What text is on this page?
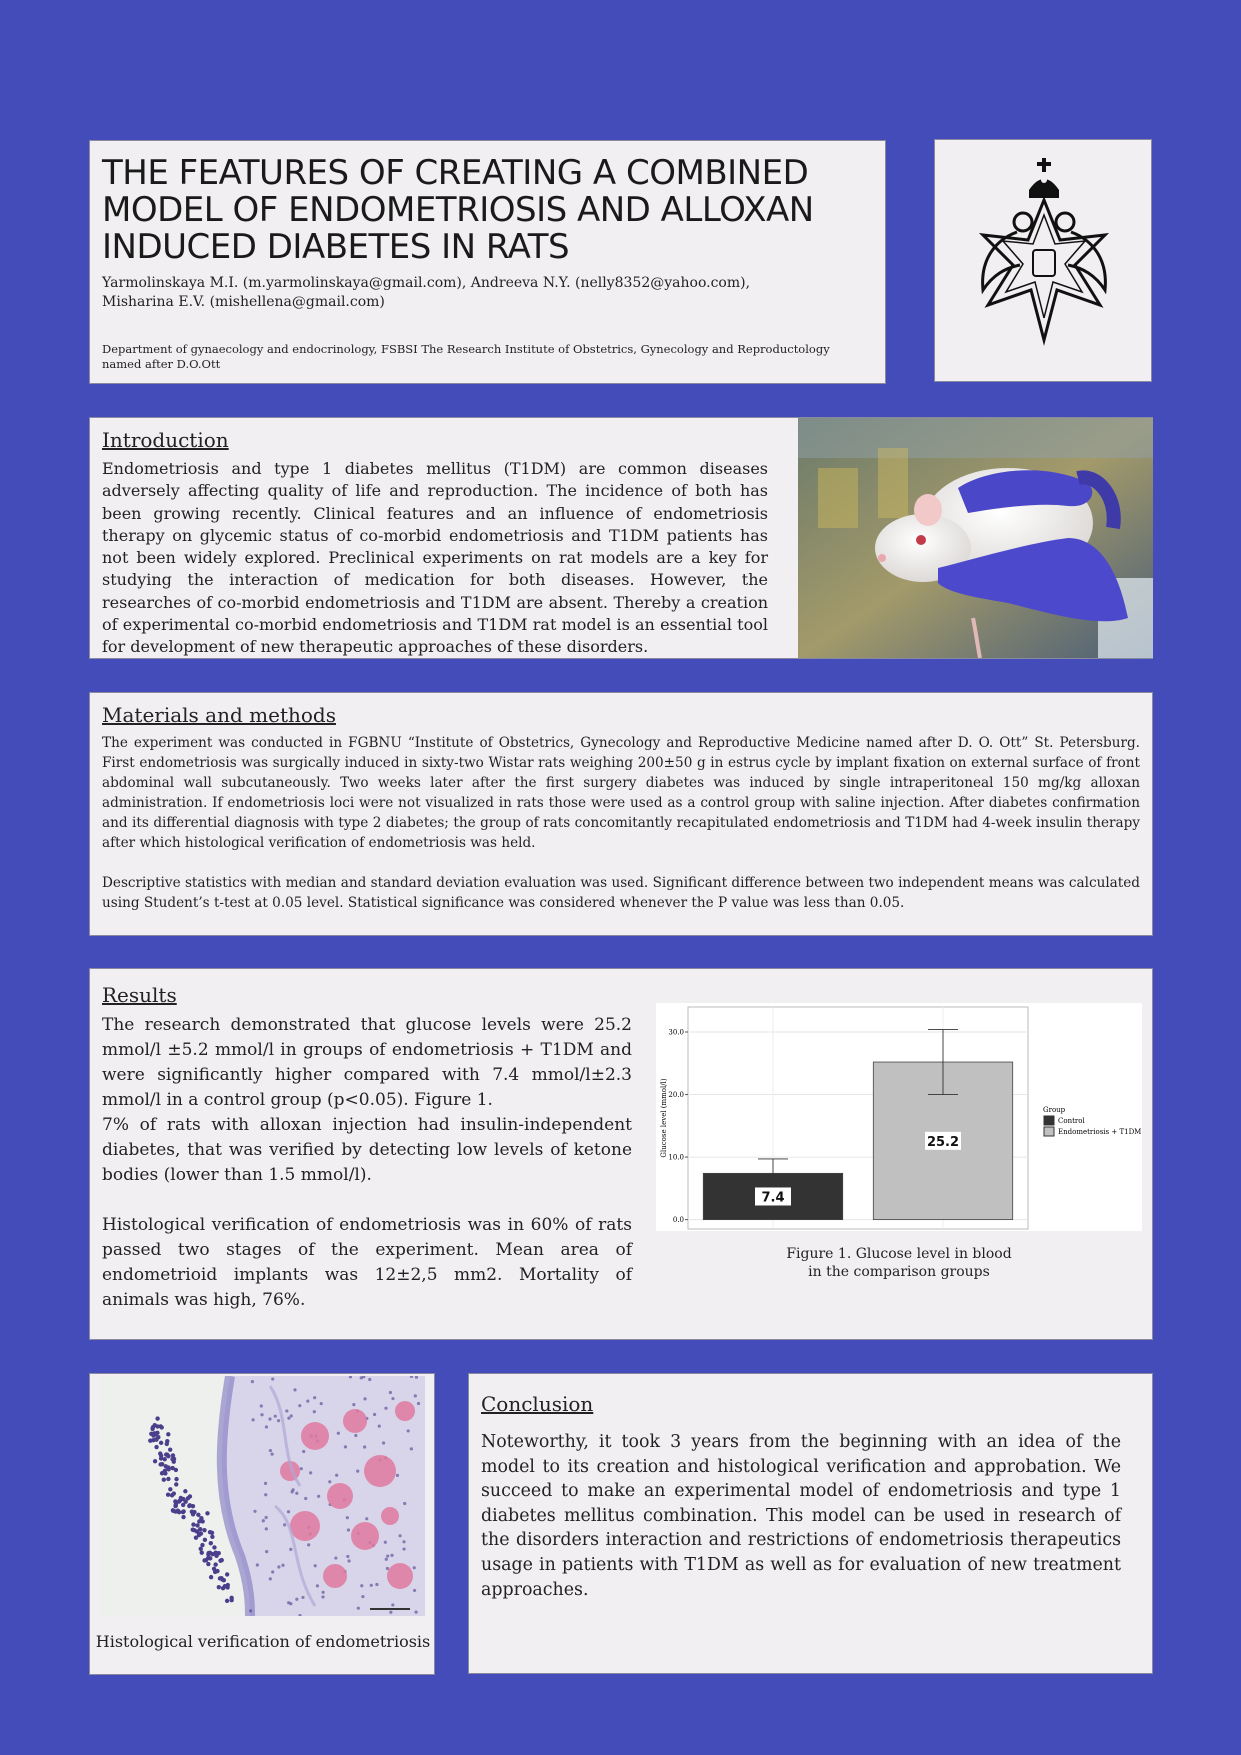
THE FEATURES OF CREATING A COMBINED MODEL OF ENDOMETRIOSIS AND ALLOXAN INDUCED DIABETES IN RATS
Yarmolinskaya M.I. (m.yarmolinskaya@gmail.com), Andreeva N.Y. (nelly8352@yahoo.com), Misharina E.V. (mishellena@gmail.com)
Department of gynaecology and endocrinology, FSBSI The Research Institute of Obstetrics, Gynecology and Reproductology named after D.O.Ott
Introduction
Endometriosis and type 1 diabetes mellitus (T1DM) are common diseases adversely affecting quality of life and reproduction. The incidence of both has been growing recently. Clinical features and an influence of endometriosis therapy on glycemic status of co-morbid endometriosis and T1DM patients has not been widely explored. Preclinical experiments on rat models are a key for studying the interaction of medication for both diseases. However, the researches of co-morbid endometriosis and T1DM are absent. Thereby a creation of experimental co-morbid endometriosis and T1DM rat model is an essential tool for development of new therapeutic approaches of these disorders.
Materials and methods

The experiment was conducted in FGBNU “Institute of Obstetrics, Gynecology and Reproductive Medicine named after D. O. Ott” St. Petersburg. First endometriosis was surgically induced in sixty-two Wistar rats weighing 200±50 g in estrus cycle by implant fixation on external surface of front abdominal wall subcutaneously. Two weeks later after the first surgery diabetes was induced by single intraperitoneal 150 mg/kg alloxan administration. If endometriosis loci were not visualized in rats those were used as a control group with saline injection. After diabetes confirmation and its differential diagnosis with type 2 diabetes; the group of rats concomitantly recapitulated endometriosis and T1DM had 4-week insulin therapy after which histological verification of endometriosis was held.

Descriptive statistics with median and standard deviation evaluation was used. Significant difference between two independent means was calculated using Student’s t-test at 0.05 level. Statistical significance was considered whenever the P value was less than 0.05.

Results

The research demonstrated that glucose levels were 25.2 mmol/l ±5.2 mmol/l in groups of endometriosis + T1DM and were significantly higher compared with 7.4 mmol/l±2.3 mmol/l in a control group (p<0.05). Figure 1.

7% of rats with alloxan injection had insulin-independent diabetes, that was verified by detecting low levels of ketone bodies (lower than 1.5 mmol/l).

Histological verification of endometriosis was in 60% of rats passed two stages of the experiment. Mean area of endometrioid implants was 12±2,5 mm2. Mortality of animals was high, 76%.

0.0
10.0
20.0
30.0
7.4
25.2
Glucose level (mmol/l)	Group
Control
Endometriosis + T1DM
Figure 1. Glucose level in blood
in the comparison groups
Histological verification of endometriosis
Conclusion
Noteworthy, it took 3 years from the beginning with an idea of the model to its creation and histological verification and approbation. We succeed to make an experimental model of endometriosis and type 1 diabetes mellitus combination. This model can be used in research of the disorders interaction and restrictions of endometriosis therapeutics usage in patients with T1DM as well as for evaluation of new treatment approaches.
